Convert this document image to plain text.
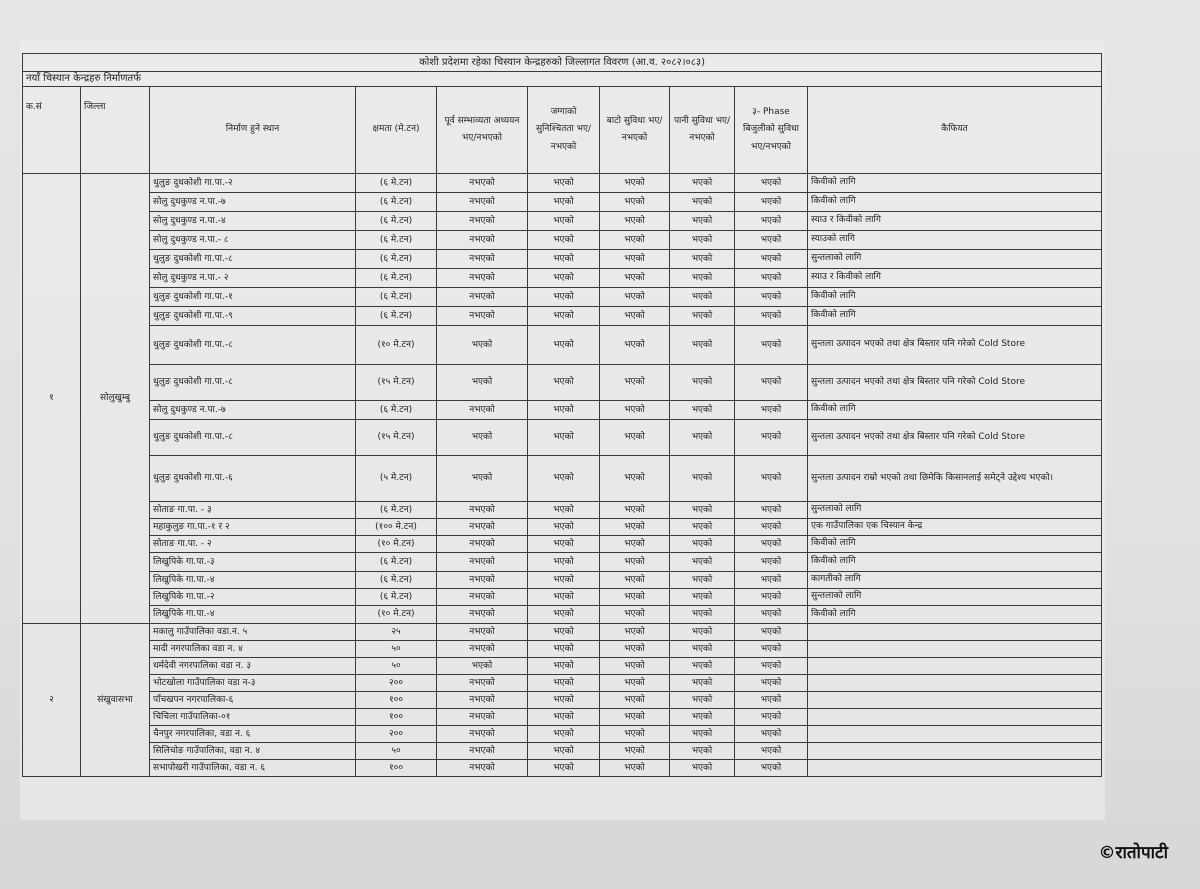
कोशी प्रदेशमा रहेका चिस्यान केन्द्रहरुको जिल्लागत विवरण (आ.व. २०८२।०८३)									
नयाँ चिस्यान केन्द्रहरु निर्माणतर्फ									
क.सं	जिल्ला	निर्माण हुने स्थान	क्षमता (मे.टन)	पूर्व सम्भाव्यता अध्ययन भए/नभएको	जग्गाको सुनिश्चितता भए/नभएको	बाटो सुविधा भए/नभएको	पानी सुविधा भए/नभएको	३- Phase बिजुलीको सुविधा भए/नभएको	कैफियत
१	सोलुखुम्बु	थुलुङ दुधकोशी गा.पा.-२	(६ मे.टन)	नभएको	भएको	भएको	भएको	भएको	किवीको लागि
		सोलु दुधकुण्ड न.पा.-७	(६ मे.टन)	नभएको	भएको	भएको	भएको	भएको	किवीको लागि
		सोलु दुधकुण्ड न.पा.-४	(६ मे.टन)	नभएको	भएको	भएको	भएको	भएको	स्याउ र किवीको लागि
		सोलु दुधकुण्ड न.पा.- ८	(६ मे.टन)	नभएको	भएको	भएको	भएको	भएको	स्याउको लागि
		थुलुङ दुधकोशी गा.पा.-८	(६ मे.टन)	नभएको	भएको	भएको	भएको	भएको	सुन्तलाको लागि
		सोलु दुधकुण्ड न.पा.- २	(६ मे.टन)	नभएको	भएको	भएको	भएको	भएको	स्याउ र किवीको लागि
		थुलुङ दुधकोशी गा.पा.-१	(६ मे.टन)	नभएको	भएको	भएको	भएको	भएको	किवीको लागि
		थुलुङ दुधकोशी गा.पा.-९	(६ मे.टन)	नभएको	भएको	भएको	भएको	भएको	किवीको लागि
		थुलुङ दुधकोशी गा.पा.-८	(१० मे.टन)	भएको	भएको	भएको	भएको	भएको	सुन्तला उत्पादन भएको तथा क्षेत्र बिस्तार पनि गरेको Cold Store
		थुलुङ दुधकोशी गा.पा.-८	(१५ मे.टन)	भएको	भएको	भएको	भएको	भएको	सुन्तला उत्पादन भएको तथा क्षेत्र बिस्तार पनि गरेको Cold Store
		सोलु दुधकुण्ड न.पा.-७	(६ मे.टन)	नभएको	भएको	भएको	भएको	भएको	किवीको लागि
		थुलुङ दुधकोशी गा.पा.-८	(१५ मे.टन)	भएको	भएको	भएको	भएको	भएको	सुन्तला उत्पादन भएको तथा क्षेत्र बिस्तार पनि गरेको Cold Store
		थुलुङ दुधकोशी गा.पा.-६	(५ मे.टन)	भएको	भएको	भएको	भएको	भएको	सुन्तला उत्पादन राम्रो भएको तथा छिमेकि किसानलाई समेट्ने उद्देश्य भएको।
		सोताङ गा.पा. - ३	(६ मे.टन)	नभएको	भएको	भएको	भएको	भएको	सुन्तलाको लागि
		महाकुलुङ गा.पा.-१ र २	(१०० मे.टन)	नभएको	भएको	भएको	भएको	भएको	एक गाउँपालिका एक चिस्यान केन्द्र
		सोताङ गा.पा. - २	(१० मे.टन)	नभएको	भएको	भएको	भएको	भएको	किवीको लागि
		लिखुपिके गा.पा.-३	(६ मे.टन)	नभएको	भएको	भएको	भएको	भएको	किवीको लागि
		लिखुपिके गा.पा.-४	(६ मे.टन)	नभएको	भएको	भएको	भएको	भएको	कागतीको लागि
		लिखुपिके गा.पा.-२	(६ मे.टन)	नभएको	भएको	भएको	भएको	भएको	सुन्तलाको लागि
		लिखुपिके गा.पा.-४	(१० मे.टन)	नभएको	भएको	भएको	भएको	भएको	किवीको लागि
२	संखुवासभा	मकालु गाउँपालिका वडा.न. ५	२५	नभएको	भएको	भएको	भएको	भएको	
		मादी नगरपालिका वडा न. ४	५०	नभएको	भएको	भएको	भएको	भएको	
		धर्मदेवी नगरपालिका वडा न. ३	५०	भएको	भएको	भएको	भएको	भएको	
		भोटखोला गाउँपालिका वडा न-३	२००	नभएको	भएको	भएको	भएको	भएको	
		पाँचखपन नगरपालिका-६	१००	नभएको	भएको	भएको	भएको	भएको	
		चिचिला गाउँपालिका-०१	१००	नभएको	भएको	भएको	भएको	भएको	
		चैनपुर नगरपालिका, वडा न. ६	२००	नभएको	भएको	भएको	भएको	भएको	
		सिलिचोङ गाउँपालिका, वडा न. ४	५०	नभएको	भएको	भएको	भएको	भएको	
		सभापोखरी गाउँपालिका, वडा न. ६	१००	नभएको	भएको	भएको	भएको	भएको	
©रातोपाटी
